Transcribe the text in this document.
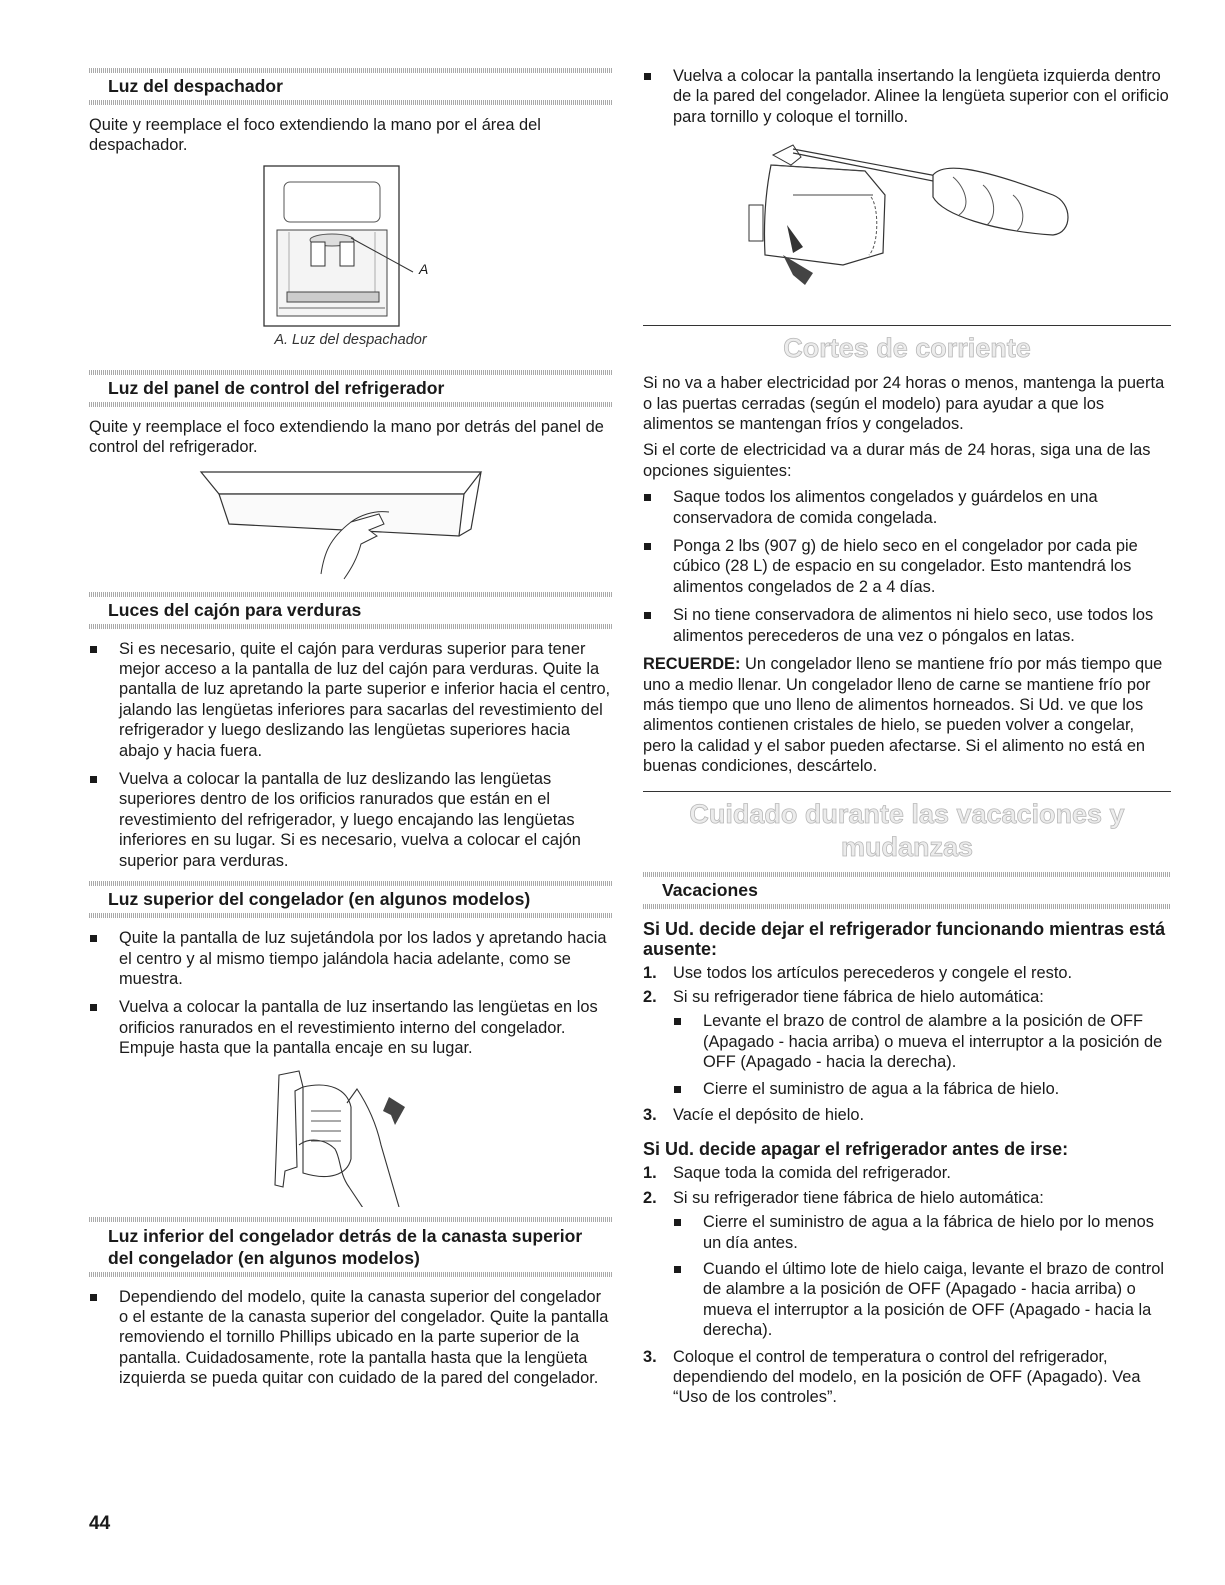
Luz del despachador

Quite y reemplace el foco extendiendo la mano por el área del despachador.

A
A. Luz del despachador
Luz del panel de control del refrigerador

Quite y reemplace el foco extendiendo la mano por detrás del panel de control del refrigerador.

Luces del cajón para verduras
Si es necesario, quite el cajón para verduras superior para tener mejor acceso a la pantalla de luz del cajón para verduras. Quite la pantalla de luz apretando la parte superior e inferior hacia el centro, jalando las lengüetas inferiores para sacarlas del revestimiento del refrigerador y luego deslizando las lengüetas superiores hacia abajo y hacia fuera.
Vuelva a colocar la pantalla de luz deslizando las lengüetas superiores dentro de los orificios ranurados que están en el revestimiento del refrigerador, y luego encajando las lengüetas inferiores en su lugar. Si es necesario, vuelva a colocar el cajón superior para verduras.
Luz superior del congelador (en algunos modelos)
Quite la pantalla de luz sujetándola por los lados y apretando hacia el centro y al mismo tiempo jalándola hacia adelante, como se muestra.
Vuelva a colocar la pantalla de luz insertando las lengüetas en los orificios ranurados en el revestimiento interno del congelador. Empuje hasta que la pantalla encaje en su lugar.
Luz inferior del congelador detrás de la canasta superior del congelador (en algunos modelos)
Dependiendo del modelo, quite la canasta superior del congelador o el estante de la canasta superior del congelador. Quite la pantalla removiendo el tornillo Phillips ubicado en la parte superior de la pantalla. Cuidadosamente, rote la pantalla hasta que la lengüeta izquierda se pueda quitar con cuidado de la pared del congelador.
Vuelva a colocar la pantalla insertando la lengüeta izquierda dentro de la pared del congelador. Alinee la lengüeta superior con el orificio para tornillo y coloque el tornillo.
Cortes de corriente

Si no va a haber electricidad por 24 horas o menos, mantenga la puerta o las puertas cerradas (según el modelo) para ayudar a que los alimentos se mantengan fríos y congelados.

Si el corte de electricidad va a durar más de 24 horas, siga una de las opciones siguientes:

Saque todos los alimentos congelados y guárdelos en una conservadora de comida congelada.
Ponga 2 lbs (907 g) de hielo seco en el congelador por cada pie cúbico (28 L) de espacio en su congelador. Esto mantendrá los alimentos congelados de 2 a 4 días.
Si no tiene conservadora de alimentos ni hielo seco, use todos los alimentos perecederos de una vez o póngalos en latas.

RECUERDE: Un congelador lleno se mantiene frío por más tiempo que uno a medio llenar. Un congelador lleno de carne se mantiene frío por más tiempo que uno lleno de alimentos horneados. Si Ud. ve que los alimentos contienen cristales de hielo, se pueden volver a congelar, pero la calidad y el sabor pueden afectarse. Si el alimento no está en buenas condiciones, descártelo.

Cuidado durante las vacaciones y mudanzas
Vacaciones
Si Ud. decide dejar el refrigerador funcionando mientras está ausente:
1. Use todos los artículos perecederos y congele el resto.
2. Si su refrigerador tiene fábrica de hielo automática:
Levante el brazo de control de alambre a la posición de OFF (Apagado - hacia arriba) o mueva el interruptor a la posición de OFF (Apagado - hacia la derecha).
Cierre el suministro de agua a la fábrica de hielo.
3. Vacíe el depósito de hielo.
Si Ud. decide apagar el refrigerador antes de irse:
1. Saque toda la comida del refrigerador.
2. Si su refrigerador tiene fábrica de hielo automática:
Cierre el suministro de agua a la fábrica de hielo por lo menos un día antes.
Cuando el último lote de hielo caiga, levante el brazo de control de alambre a la posición de OFF (Apagado - hacia arriba) o mueva el interruptor a la posición de OFF (Apagado - hacia la derecha).
3. Coloque el control de temperatura o control del refrigerador, dependiendo del modelo, en la posición de OFF (Apagado). Vea “Uso de los controles”.
44
